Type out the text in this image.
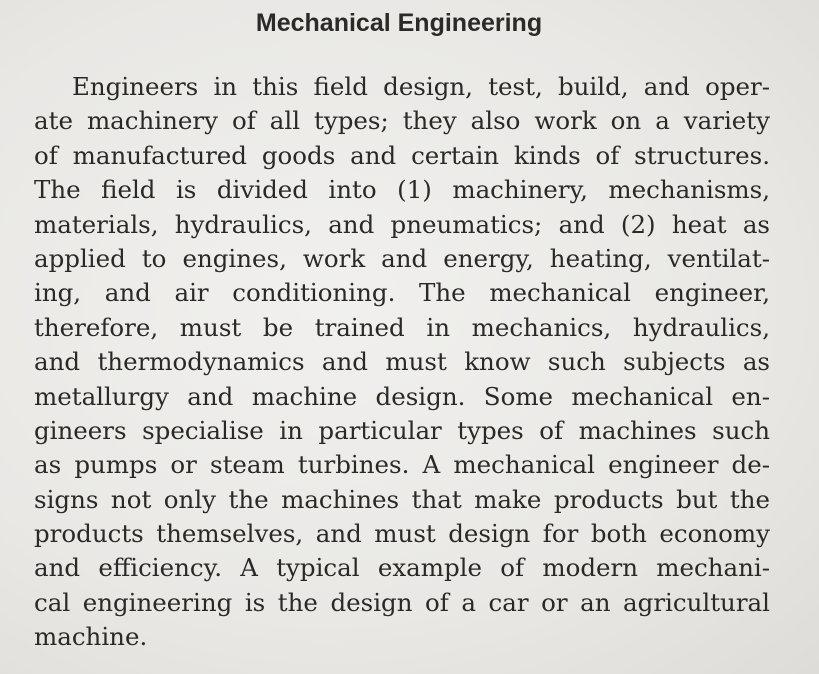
Mechanical Engineering
Engineers in this field design, test, build, and oper-
ate machinery of all types; they also work on a variety
of manufactured goods and certain kinds of structures.
The field is divided into (1) machinery, mechanisms,
materials, hydraulics, and pneumatics; and (2) heat as
applied to engines, work and energy, heating, ventilat-
ing, and air conditioning. The mechanical engineer,
therefore, must be trained in mechanics, hydraulics,
and thermodynamics and must know such subjects as
metallurgy and machine design. Some mechanical en-
gineers specialise in particular types of machines such
as pumps or steam turbines. A mechanical engineer de-
signs not only the machines that make products but the
products themselves, and must design for both economy
and efficiency. A typical example of modern mechani-
cal engineering is the design of a car or an agricultural
machine.
